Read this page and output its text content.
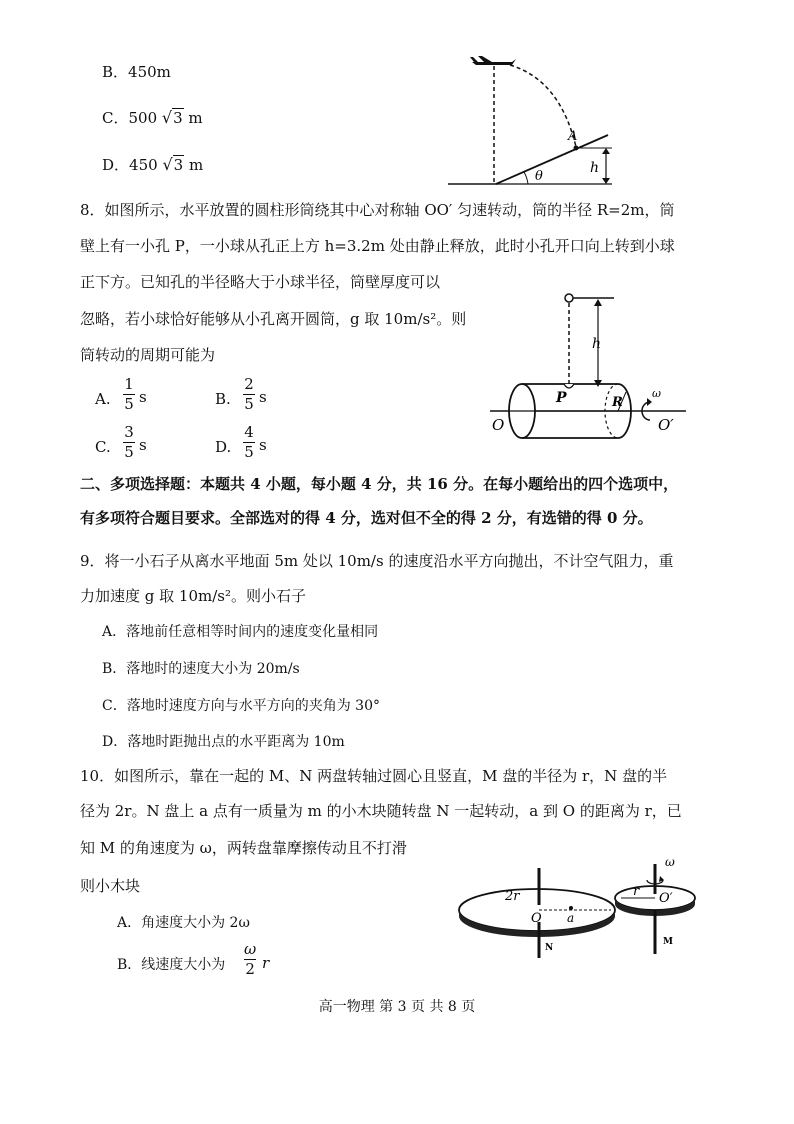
B．450m
C．500 √3 m
D．450 √3 m
A
h
θ
8．如图所示，水平放置的圆柱形筒绕其中心对称轴 OO′ 匀速转动，筒的半径 R=2m，筒
壁上有一小孔 P，一小球从孔正上方 h=3.2m 处由静止释放，此时小孔开口向上转到小球
正下方。已知孔的半径略大于小球半径，筒壁厚度可以
忽略，若小球恰好能够从小孔离开圆筒，g 取 10m/s²。则
筒转动的周期可能为
A.
1
5 s	B.
2
5 s
C.
3
5 s	D.
4
5 s
h
P	R
ω
O	O′
二、多项选择题：本题共 4 小题，每小题 4 分，共 16 分。在每小题给出的四个选项中，
有多项符合题目要求。全部选对的得 4 分，选对但不全的得 2 分，有选错的得 0 分。
9．将一小石子从离水平地面 5m 处以 10m/s 的速度沿水平方向抛出，不计空气阻力，重
力加速度 g 取 10m/s²。则小石子
A．落地前任意相等时间内的速度变化量相同
B．落地时的速度大小为 20m/s
C．落地时速度方向与水平方向的夹角为 30°
D．落地时距抛出点的水平距离为 10m
10．如图所示，靠在一起的 M、N 两盘转轴过圆心且竖直，M 盘的半径为 r，N 盘的半
径为 2r。N 盘上 a 点有一质量为 m 的小木块随转盘 N 一起转动，a 到 O 的距离为 r，已
知 M 的角速度为 ω，两转盘靠摩擦传动且不打滑
则小木块
A．角速度大小为 2ω
B．线速度大小为
ω
2 r
2r
O a
N
r O′
M
ω
高一物理 第 3 页 共 8 页
